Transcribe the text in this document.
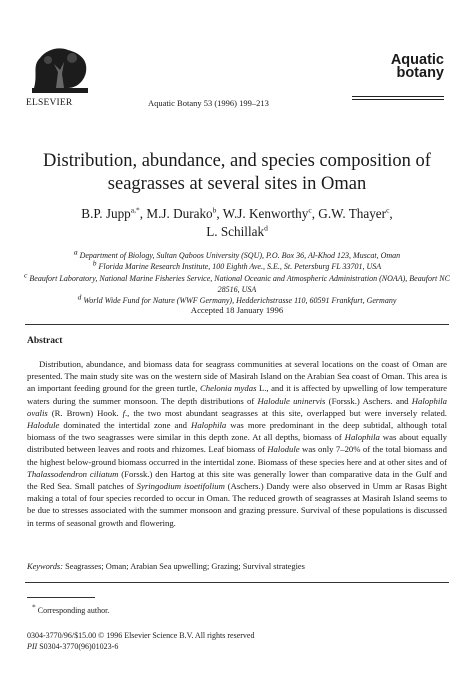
ELSEVIER	Aquatic Botany 53 (1996) 199–213
Aquatic
botany
Distribution, abundance, and species composition of
seagrasses at several sites in Oman
B.P. Jupp$^{a,*}$, M.J. Durako$^b$, W.J. Kenworthy$^c$, G.W. Thayer$^c$,
L. Schillak$^d$
$^a$ Department of Biology, Sultan Qaboos University (SQU), P.O. Box 36, Al-Khod 123, Muscat, Oman
$^b$ Florida Marine Research Institute, 100 Eighth Ave., S.E., St. Petersburg FL 33701, USA
$^c$ Beaufort Laboratory, National Marine Fisheries Service, National Oceanic and Atmospheric Administration (NOAA), Beaufort NC 28516, USA
$^d$ World Wide Fund for Nature (WWF Germany), Hedderichstrasse 110, 60591 Frankfurt, Germany
Accepted 18 January 1996
Abstract
Distribution, abundance, and biomass data for seagrass communities at several locations on the coast of Oman are presented. The main study site was on the western side of Masirah Island on the Arabian Sea coast of Oman. This area is an important feeding ground for the green turtle, Chelonia mydas L., and it is affected by upwelling of low temperature waters during the summer monsoon. The depth distributions of Halodule uninervis (Forssk.) Aschers. and Halophila ovalis (R. Brown) Hook. f., the two most abundant seagrasses at this site, overlapped but were inversely related. Halodule dominated the intertidal zone and Halophila was more predominant in the deep subtidal, although total biomass of the two seagrasses were similar in this depth zone. At all depths, biomass of Halophila was about equally distributed between leaves and roots and rhizomes. Leaf biomass of Halodule was only 7–20% of the total biomass and the highest below-ground biomass occurred in the intertidal zone. Biomass of these species here and at other sites and of Thalassodendron ciliatum (Forssk.) den Hartog at this site was generally lower than comparative data in the Gulf and the Red Sea. Small patches of Syringodium isoetifolium (Aschers.) Dandy were also observed in Umm ar Rasas Bight making a total of four species recorded to occur in Oman. The reduced growth of seagrasses at Masirah Island seems to be due to stresses associated with the summer monsoon and grazing pressure. Survival of these populations is discussed in terms of seasonal growth and flowering.
Keywords: Seagrasses; Oman; Arabian Sea upwelling; Grazing; Survival strategies
* Corresponding author.
0304-3770/96/$15.00 © 1996 Elsevier Science B.V. All rights reserved
PII S0304-3770(96)01023-6
